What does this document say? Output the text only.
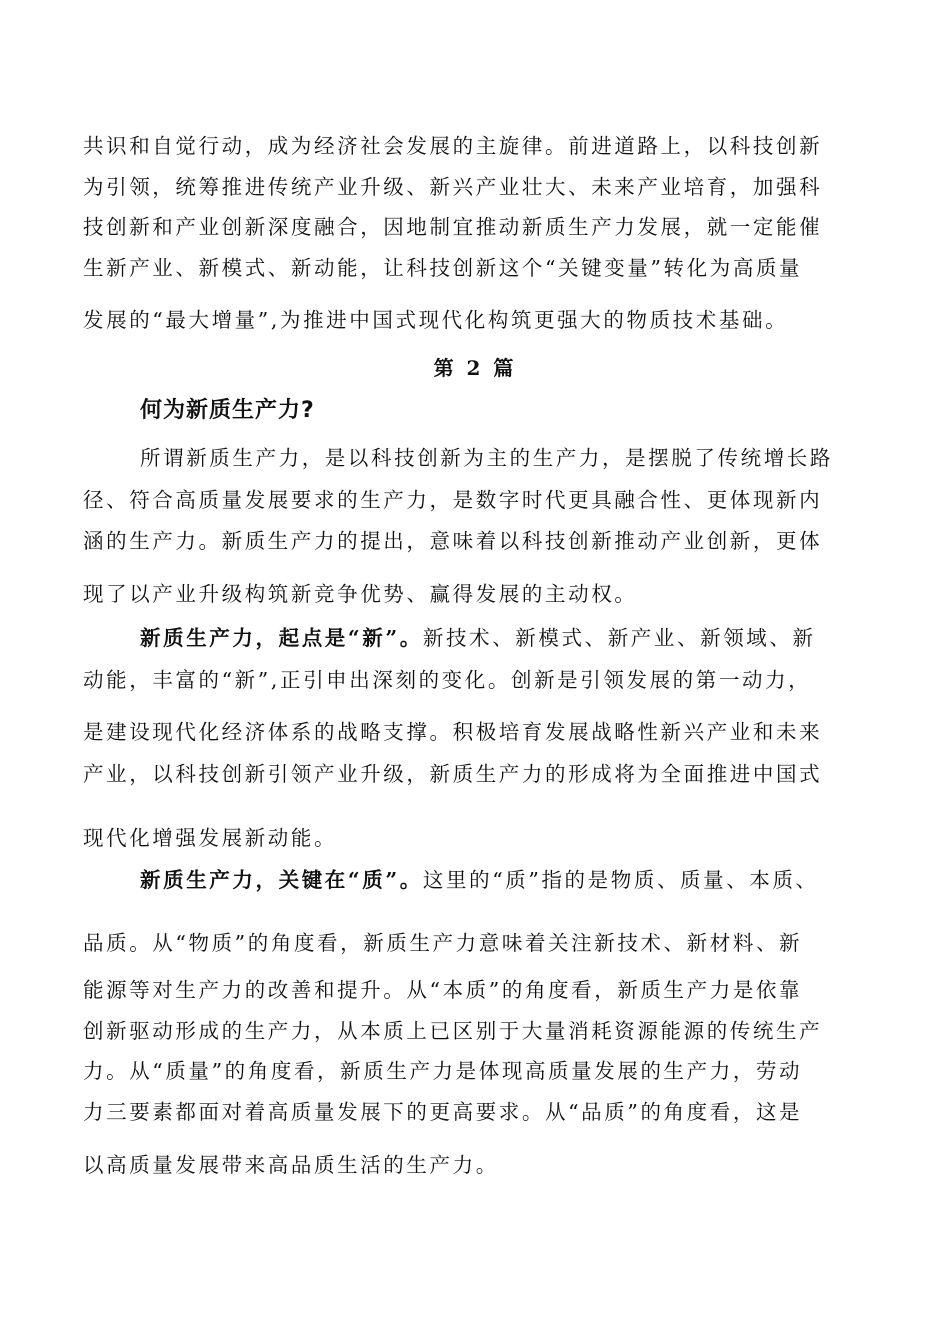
共识和自觉行动，成为经济社会发展的主旋律。前进道路上，以科技创新
为引领，统筹推进传统产业升级、新兴产业壮大、未来产业培育，加强科
技创新和产业创新深度融合，因地制宜推动新质生产力发展，就一定能催
生新产业、新模式、新动能，让科技创新这个“关键变量”转化为高质量
发展的“最大增量”,为推进中国式现代化构筑更强大的物质技术基础。
第 2 篇
何为新质生产力?
所谓新质生产力，是以科技创新为主的生产力，是摆脱了传统增长路
径、符合高质量发展要求的生产力，是数字时代更具融合性、更体现新内
涵的生产力。新质生产力的提出，意味着以科技创新推动产业创新，更体
现了以产业升级构筑新竞争优势、赢得发展的主动权。
新质生产力，起点是“新”。新技术、新模式、新产业、新领域、新
动能，丰富的“新”,正引申出深刻的变化。创新是引领发展的第一动力，
是建设现代化经济体系的战略支撑。积极培育发展战略性新兴产业和未来
产业，以科技创新引领产业升级，新质生产力的形成将为全面推进中国式
现代化增强发展新动能。
新质生产力，关键在“质”。这里的“质”指的是物质、质量、本质、
品质。从“物质”的角度看，新质生产力意味着关注新技术、新材料、新
能源等对生产力的改善和提升。从“本质”的角度看，新质生产力是依靠
创新驱动形成的生产力，从本质上已区别于大量消耗资源能源的传统生产
力。从“质量”的角度看，新质生产力是体现高质量发展的生产力，劳动
力三要素都面对着高质量发展下的更高要求。从“品质”的角度看，这是
以高质量发展带来高品质生活的生产力。
